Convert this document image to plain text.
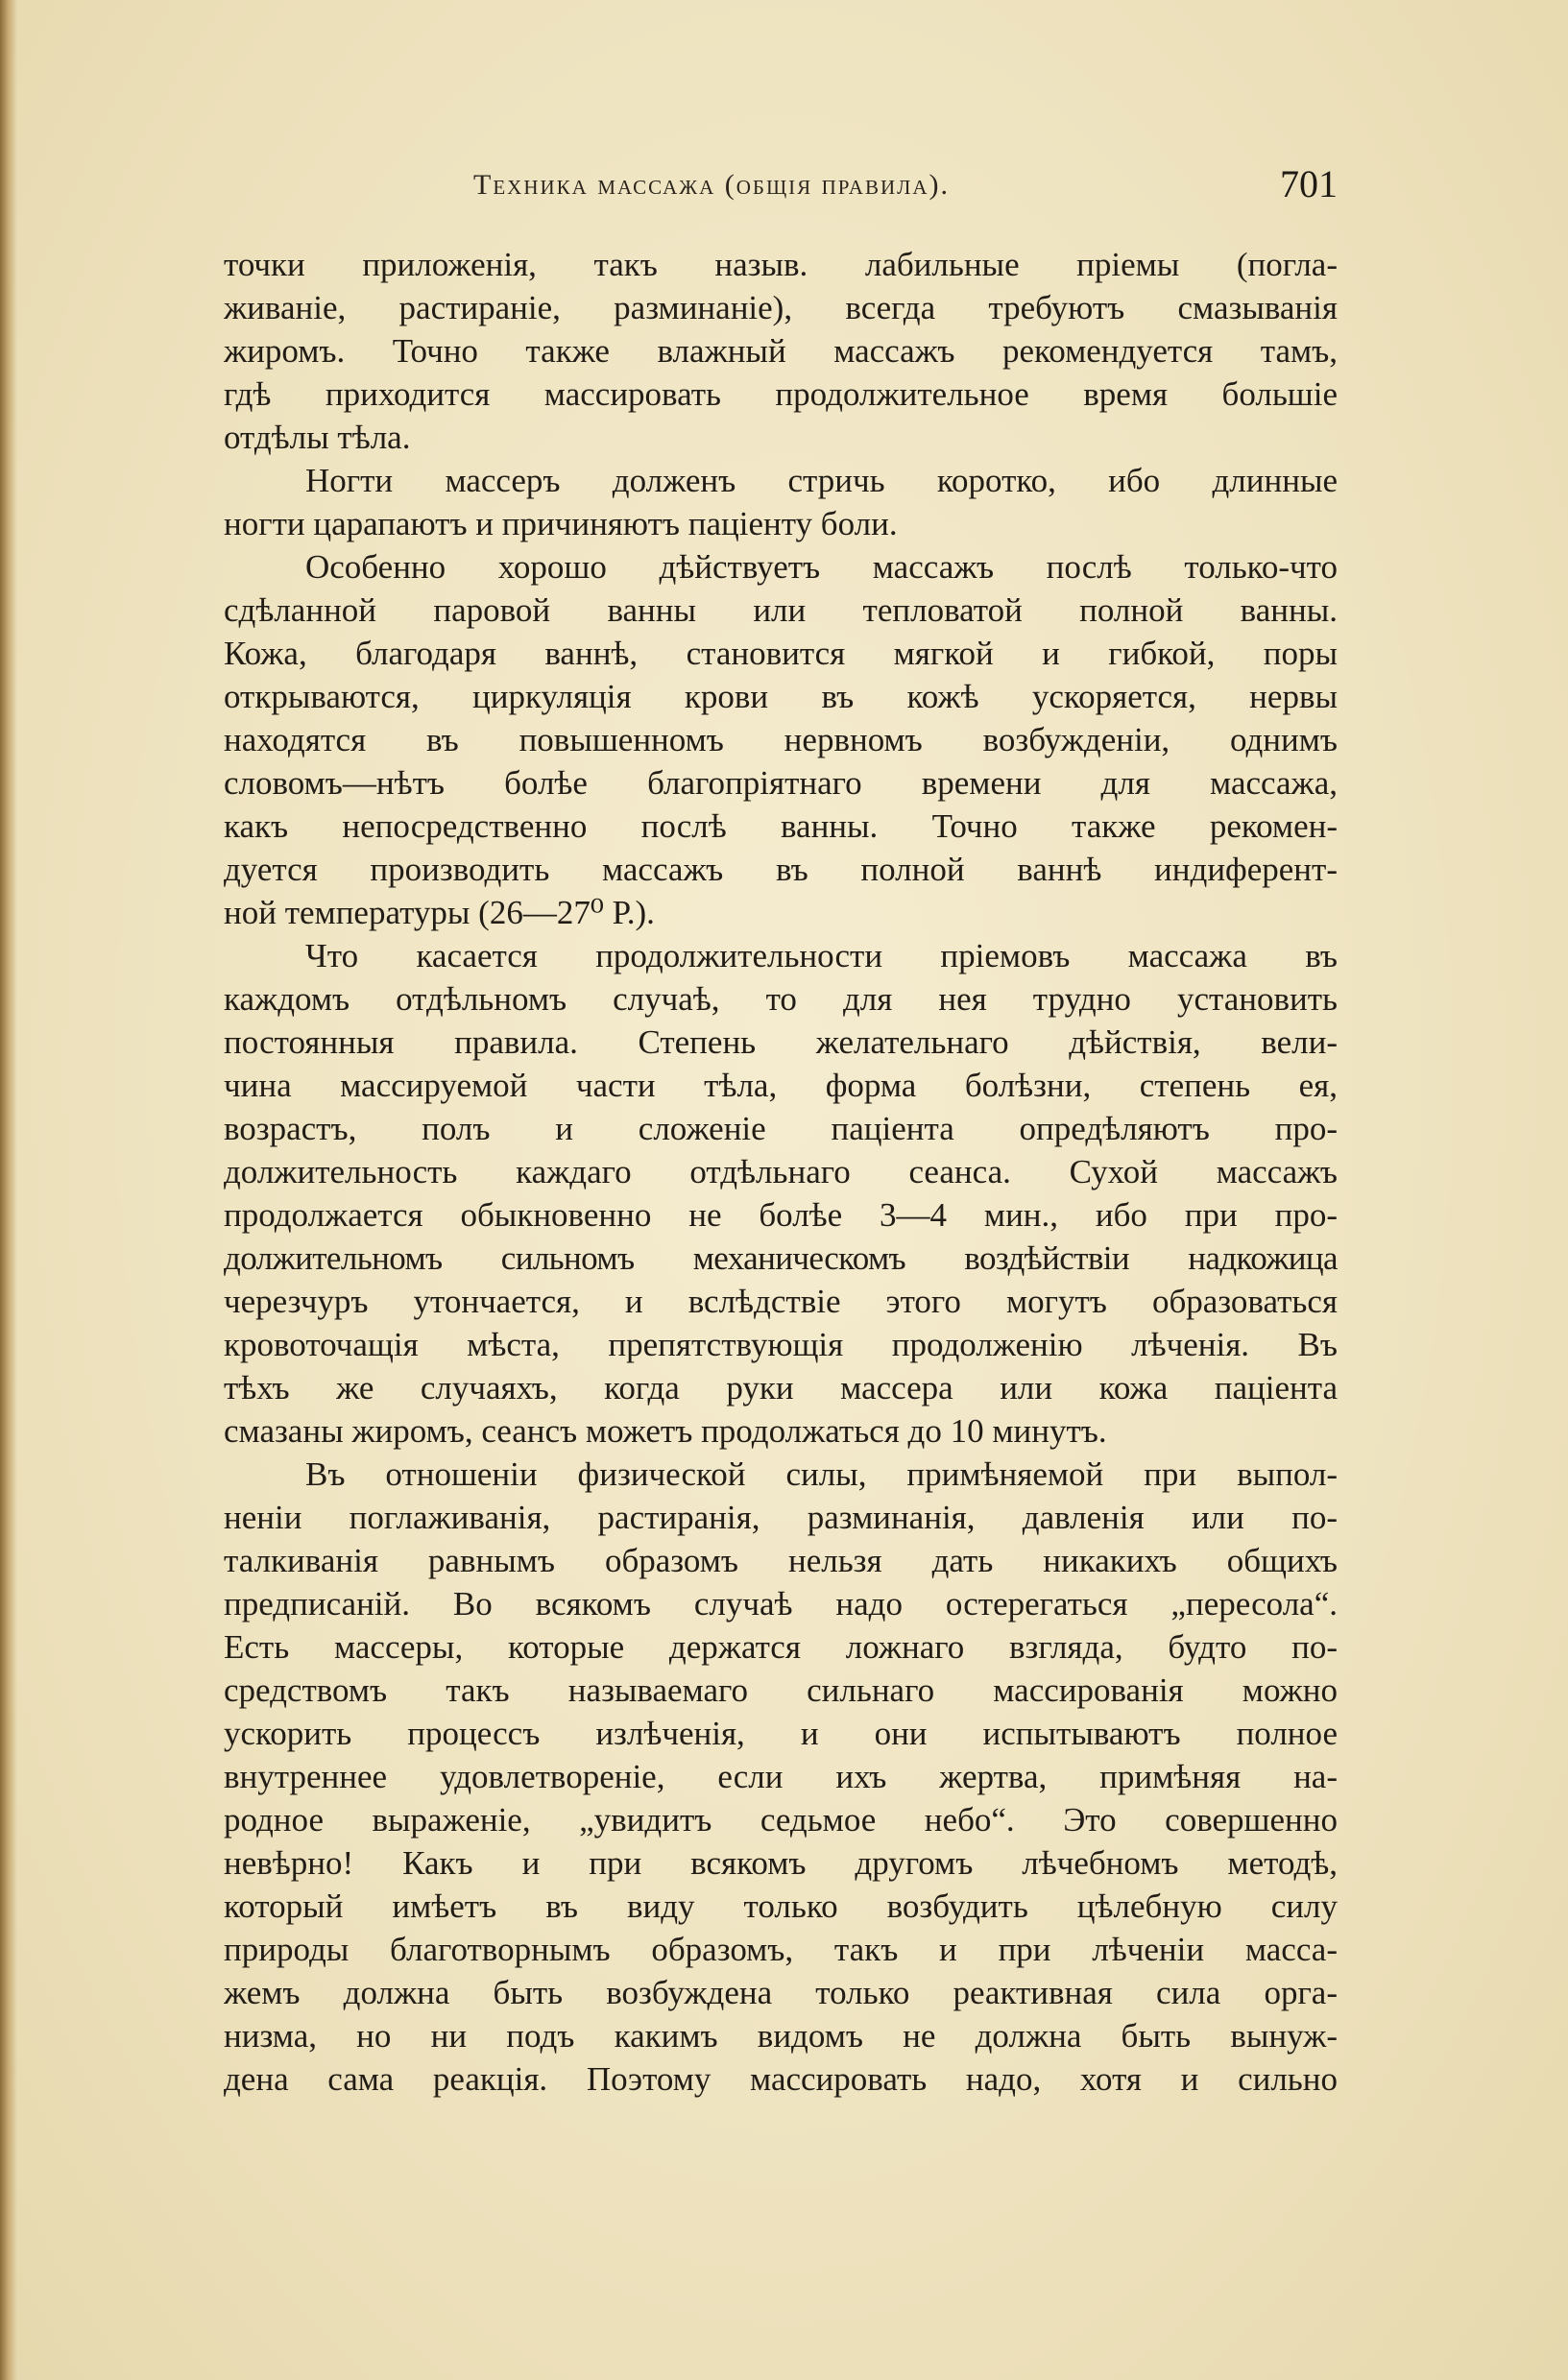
Техника массажа (общія правила).	701
точки приложенія, такъ назыв. лабильные пріемы (погла-
живаніе, растираніе, разминаніе), всегда требуютъ смазыванія
жиромъ. Точно также влажный массажъ рекомендуется тамъ,
гдѣ приходится массировать продолжительное время большіе
отдѣлы тѣла.
Ногти массеръ долженъ стричь коротко, ибо длинные
ногти царапаютъ и причиняютъ паціенту боли.
Особенно хорошо дѣйствуетъ массажъ послѣ только-что
сдѣланной паровой ванны или тепловатой полной ванны.
Кожа, благодаря ваннѣ, становится мягкой и гибкой, поры
открываются, циркуляція крови въ кожѣ ускоряется, нервы
находятся въ повышенномъ нервномъ возбужденіи, однимъ
словомъ—нѣтъ болѣе благопріятнаго времени для массажа,
какъ непосредственно послѣ ванны. Точно также рекомен-
дуется производить массажъ въ полной ваннѣ индиферент-
ной температуры (26—27⁰ Р.).
Что касается продолжительности пріемовъ массажа въ
каждомъ отдѣльномъ случаѣ, то для нея трудно установить
постоянныя правила. Степень желательнаго дѣйствія, вели-
чина массируемой части тѣла, форма болѣзни, степень ея,
возрастъ, полъ и сложеніе паціента опредѣляютъ про-
должительность каждаго отдѣльнаго сеанса. Сухой массажъ
продолжается обыкновенно не болѣе 3—4 мин., ибо при про-
должительномъ сильномъ механическомъ воздѣйствіи надкожица
черезчуръ утончается, и вслѣдствіе этого могутъ образоваться
кровоточащія мѣста, препятствующія продолженію лѣченія. Въ
тѣхъ же случаяхъ, когда руки массера или кожа паціента
смазаны жиромъ, сеансъ можетъ продолжаться до 10 минутъ.
Въ отношеніи физической силы, примѣняемой при выпол-
неніи поглаживанія, растиранія, разминанія, давленія или по-
талкиванія равнымъ образомъ нельзя дать никакихъ общихъ
предписаній. Во всякомъ случаѣ надо остерегаться „пересола“.
Есть массеры, которые держатся ложнаго взгляда, будто по-
средствомъ такъ называемаго сильнаго массированія можно
ускорить процессъ излѣченія, и они испытываютъ полное
внутреннее удовлетвореніе, если ихъ жертва, примѣняя на-
родное выраженіе, „увидитъ седьмое небо“. Это совершенно
невѣрно! Какъ и при всякомъ другомъ лѣчебномъ методѣ,
который имѣетъ въ виду только возбудить цѣлебную силу
природы благотворнымъ образомъ, такъ и при лѣченіи масса-
жемъ должна быть возбуждена только реактивная сила орга-
низма, но ни подъ какимъ видомъ не должна быть вынуж-
дена сама реакція. Поэтому массировать надо, хотя и сильно
